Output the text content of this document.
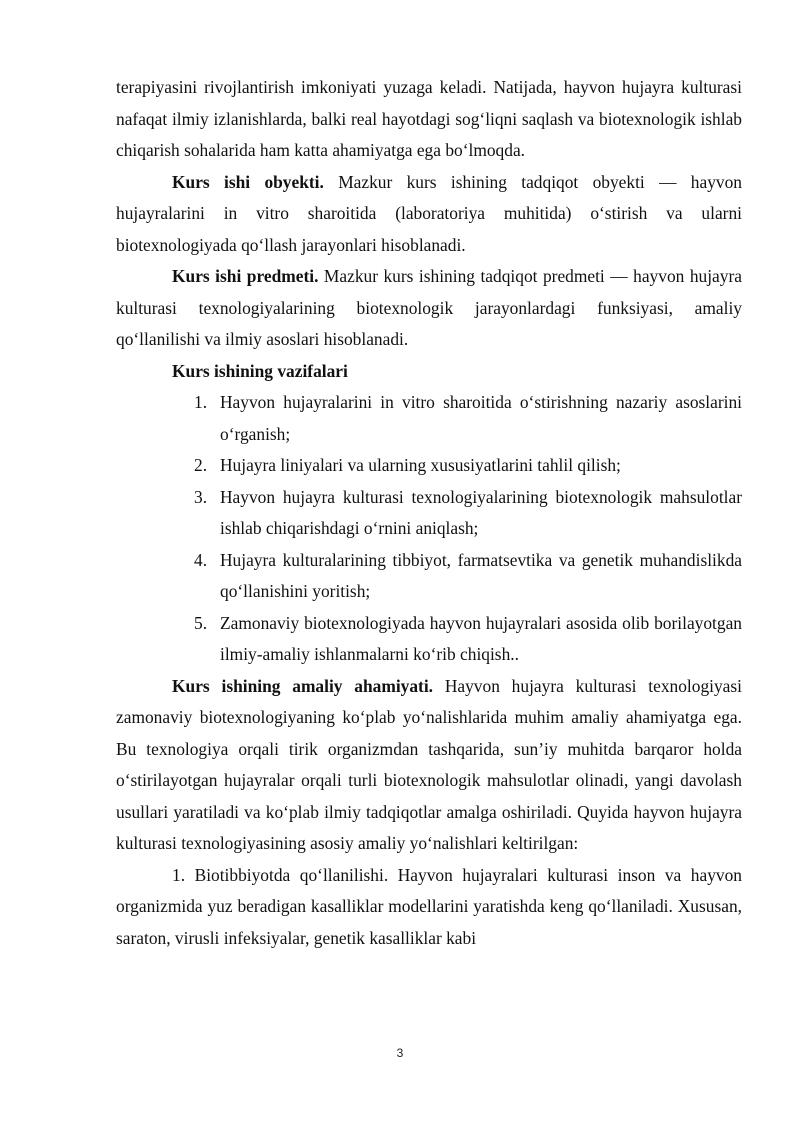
terapiyasini rivojlantirish imkoniyati yuzaga keladi. Natijada, hayvon hujayra kulturasi nafaqat ilmiy izlanishlarda, balki real hayotdagi sog‘liqni saqlash va biotexnologik ishlab chiqarish sohalarida ham katta ahamiyatga ega bo‘lmoqda.

Kurs ishi obyekti. Mazkur kurs ishining tadqiqot obyekti — hayvon hujayralarini in vitro sharoitida (laboratoriya muhitida) o‘stirish va ularni biotexnologiyada qo‘llash jarayonlari hisoblanadi.

Kurs ishi predmeti. Mazkur kurs ishining tadqiqot predmeti — hayvon hujayra kulturasi texnologiyalarining biotexnologik jarayonlardagi funksiyasi, amaliy qo‘llanilishi va ilmiy asoslari hisoblanadi.

Kurs ishining vazifalari
1. Hayvon hujayralarini in vitro sharoitida o‘stirishning nazariy asoslarini o‘rganish;
2. Hujayra liniyalari va ularning xususiyatlarini tahlil qilish;
3. Hayvon hujayra kulturasi texnologiyalarining biotexnologik mahsulotlar ishlab chiqarishdagi o‘rnini aniqlash;
4. Hujayra kulturalarining tibbiyot, farmatsevtika va genetik muhandislikda qo‘llanishini yoritish;
5. Zamonaviy biotexnologiyada hayvon hujayralari asosida olib borilayotgan ilmiy-amaliy ishlanmalarni ko‘rib chiqish..

Kurs ishining amaliy ahamiyati. Hayvon hujayra kulturasi texnologiyasi zamonaviy biotexnologiyaning ko‘plab yo‘nalishlarida muhim amaliy ahamiyatga ega. Bu texnologiya orqali tirik organizmdan tashqarida, sun’iy muhitda barqaror holda o‘stirilayotgan hujayralar orqali turli biotexnologik mahsulotlar olinadi, yangi davolash usullari yaratiladi va ko‘plab ilmiy tadqiqotlar amalga oshiriladi. Quyida hayvon hujayra kulturasi texnologiyasining asosiy amaliy yo‘nalishlari keltirilgan:

1. Biotibbiyotda qo‘llanilishi. Hayvon hujayralari kulturasi inson va hayvon organizmida yuz beradigan kasalliklar modellarini yaratishda keng qo‘llaniladi. Xususan, saraton, virusli infeksiyalar, genetik kasalliklar kabi

3
